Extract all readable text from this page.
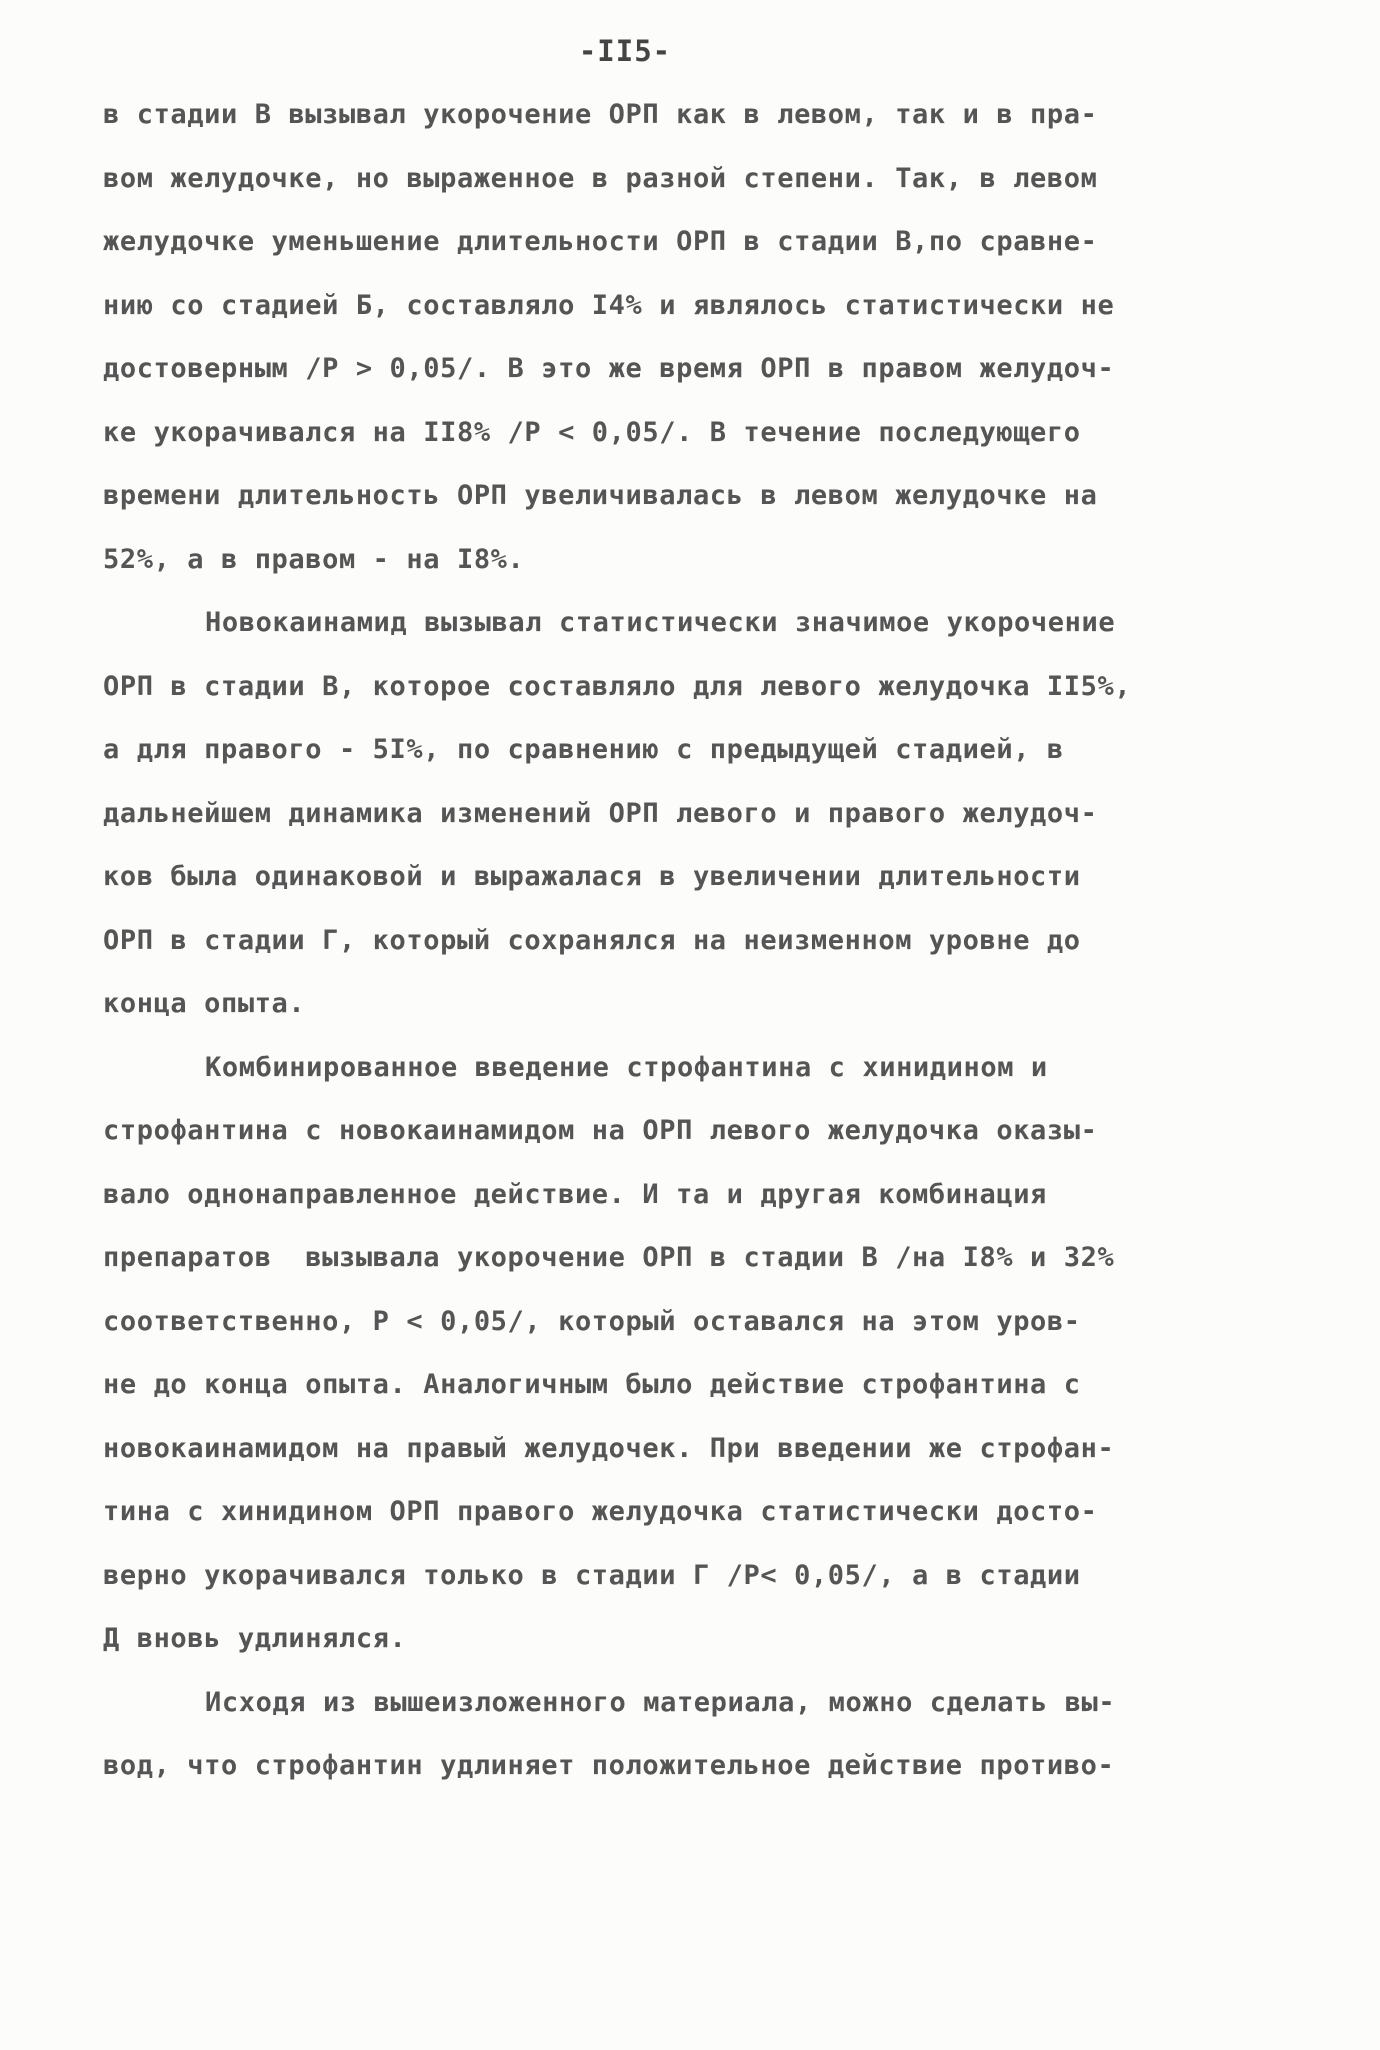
-II5-
в стадии В вызывал укорочение ОРП как в левом, так и в пра-
вом желудочке, но выраженное в разной степени. Так, в левом
желудочке уменьшение длительности ОРП в стадии В,по сравне-
нию со стадией Б, составляло I4% и являлось статистически не
достоверным /Р > 0,05/. В это же время ОРП в правом желудоч-
ке укорачивался на II8% /Р < 0,05/. В течение последующего
времени длительность ОРП увеличивалась в левом желудочке на
52%, а в правом - на I8%.
Новокаинамид вызывал статистически значимое укорочение
ОРП в стадии В, которое составляло для левого желудочка II5%,
а для правого - 5I%, по сравнению с предыдущей стадией, в
дальнейшем динамика изменений ОРП левого и правого желудоч-
ков была одинаковой и выражалася в увеличении длительности
ОРП в стадии Г, который сохранялся на неизменном уровне до
конца опыта.
Комбинированное введение строфантина с хинидином и
строфантина с новокаинамидом на ОРП левого желудочка оказы-
вало однонаправленное действие. И та и другая комбинация
препаратов  вызывала укорочение ОРП в стадии В /на I8% и 32%
соответственно, Р < 0,05/, который оставался на этом уров-
не до конца опыта. Аналогичным было действие строфантина с
новокаинамидом на правый желудочек. При введении же строфан-
тина с хинидином ОРП правого желудочка статистически досто-
верно укорачивался только в стадии Г /Р< 0,05/, а в стадии
Д вновь удлинялся.
Исходя из вышеизложенного материала, можно сделать вы-
вод, что строфантин удлиняет положительное действие противо-
